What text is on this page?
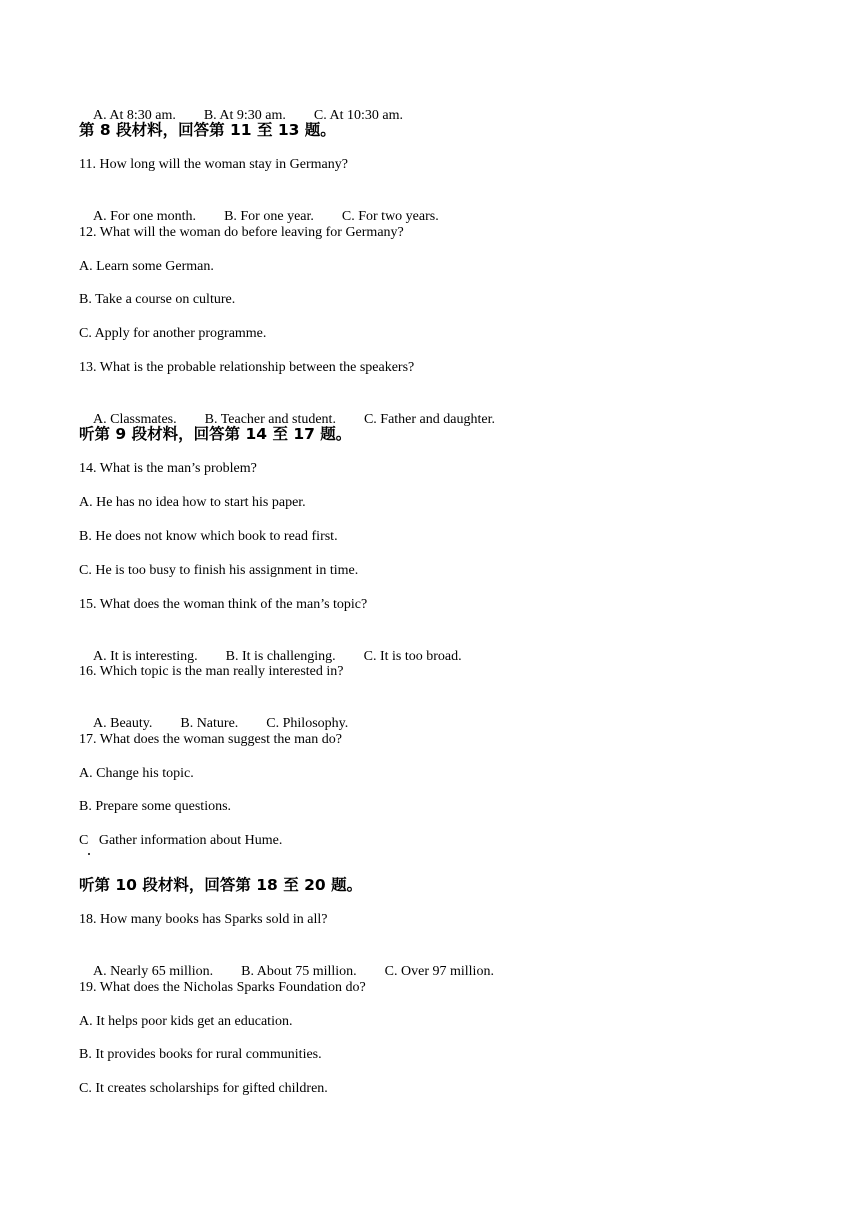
A. At 8:30 am. B. At 9:30 am. C. At 10:30 am.

第 8 段材料，回答第 11 至 13 题。
11. How long will the woman stay in Germany?

A. For one month. B. For one year. C. For two years.

12. What will the woman do before leaving for Germany?
A. Learn some German.
B. Take a course on culture.
C. Apply for another programme.
13. What is the probable relationship between the speakers?

A. Classmates. B. Teacher and student. C. Father and daughter.

听第 9 段材料，回答第 14 至 17 题。
14. What is the man’s problem?
A. He has no idea how to start his paper.
B. He does not know which book to read first.
C. He is too busy to finish his assignment in time.
15. What does the woman think of the man’s topic?

A. It is interesting. B. It is challenging. C. It is too broad.

16. Which topic is the man really interested in?

A. Beauty. B. Nature. C. Philosophy.

17. What does the woman suggest the man do?
A. Change his topic.
B. Prepare some questions.
C   Gather information about Hume.
听第 10 段材料，回答第 18 至 20 题。
18. How many books has Sparks sold in all?

A. Nearly 65 million. B. About 75 million. C. Over 97 million.

19. What does the Nicholas Sparks Foundation do?
A. It helps poor kids get an education.
B. It provides books for rural communities.
C. It creates scholarships for gifted children.
